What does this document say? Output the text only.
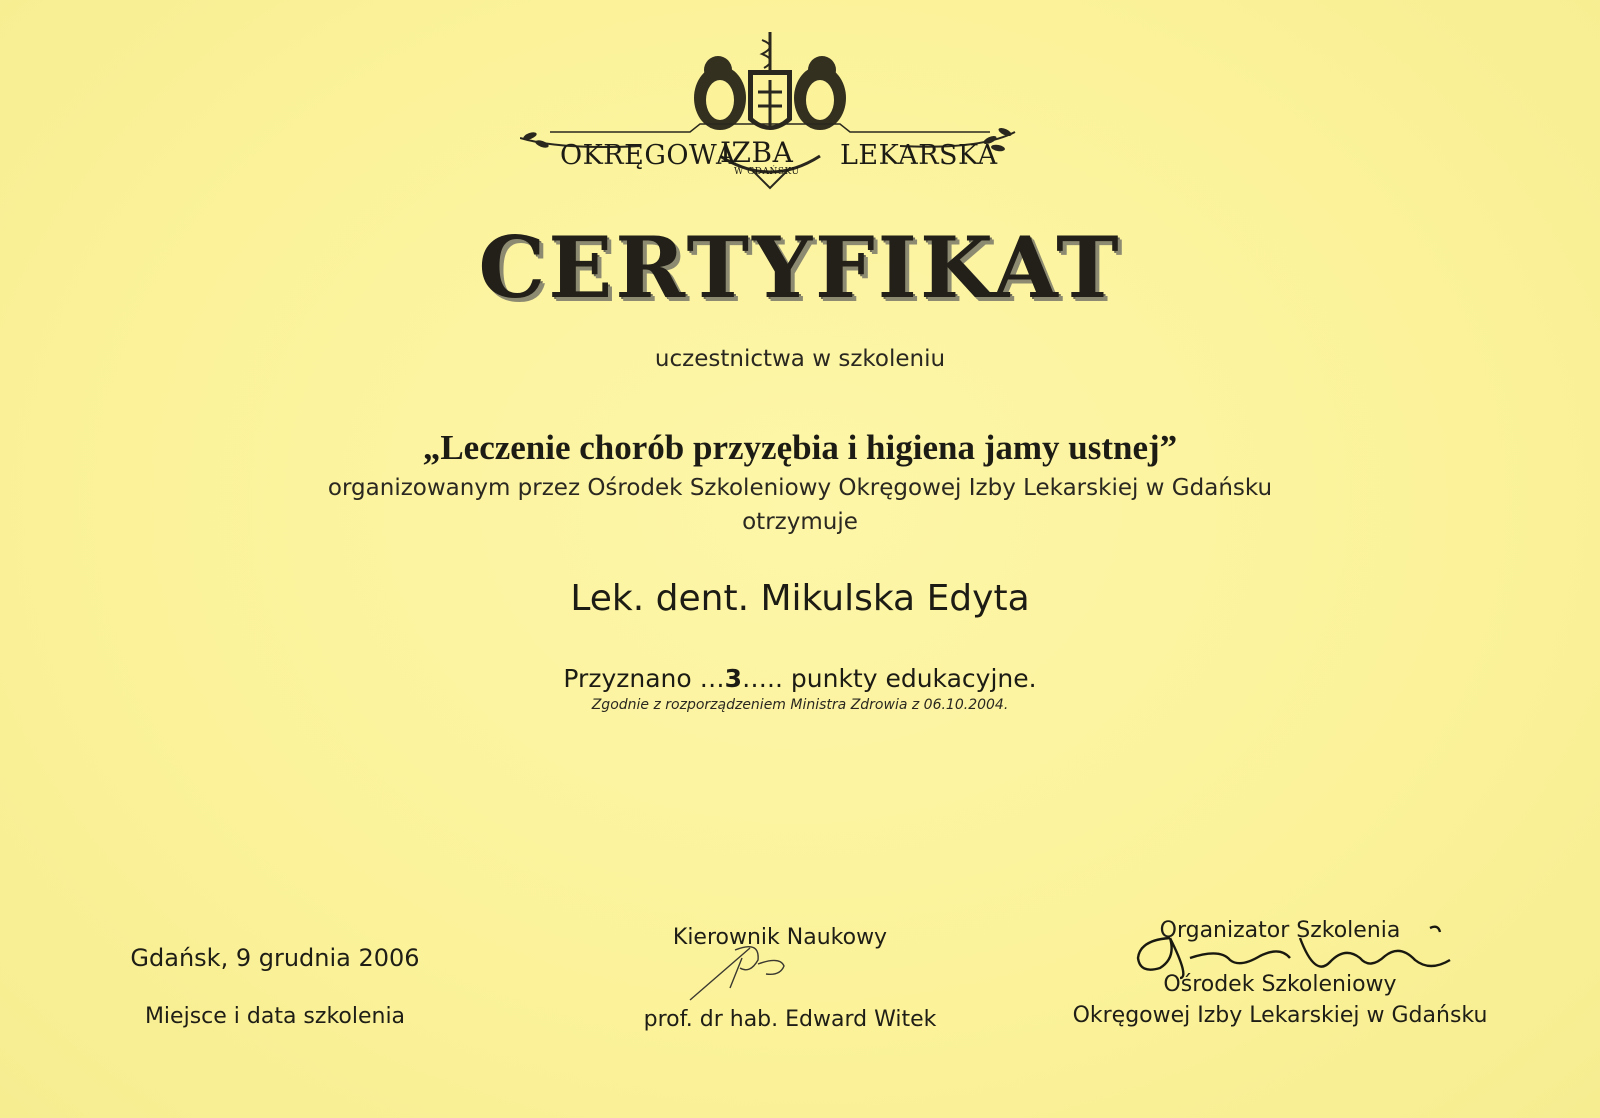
OKRĘGOWA
IZBA
W GDAŃSKU
LEKARSKA
CERTYFIKAT
uczestnictwa w szkoleniu
„Leczenie chorób przyzębia i higiena jamy ustnej”
organizowanym przez Ośrodek Szkoleniowy Okręgowej Izby Lekarskiej w Gdańsku
otrzymuje
Lek. dent. Mikulska Edyta
Przyznano …3….. punkty edukacyjne.
Zgodnie z rozporządzeniem Ministra Zdrowia z 06.10.2004.
Gdańsk, 9 grudnia 2006
Miejsce i data szkolenia
Kierownik Naukowy
prof. dr hab. Edward Witek
Organizator Szkolenia
Ośrodek Szkoleniowy
Okręgowej Izby Lekarskiej w Gdańsku
